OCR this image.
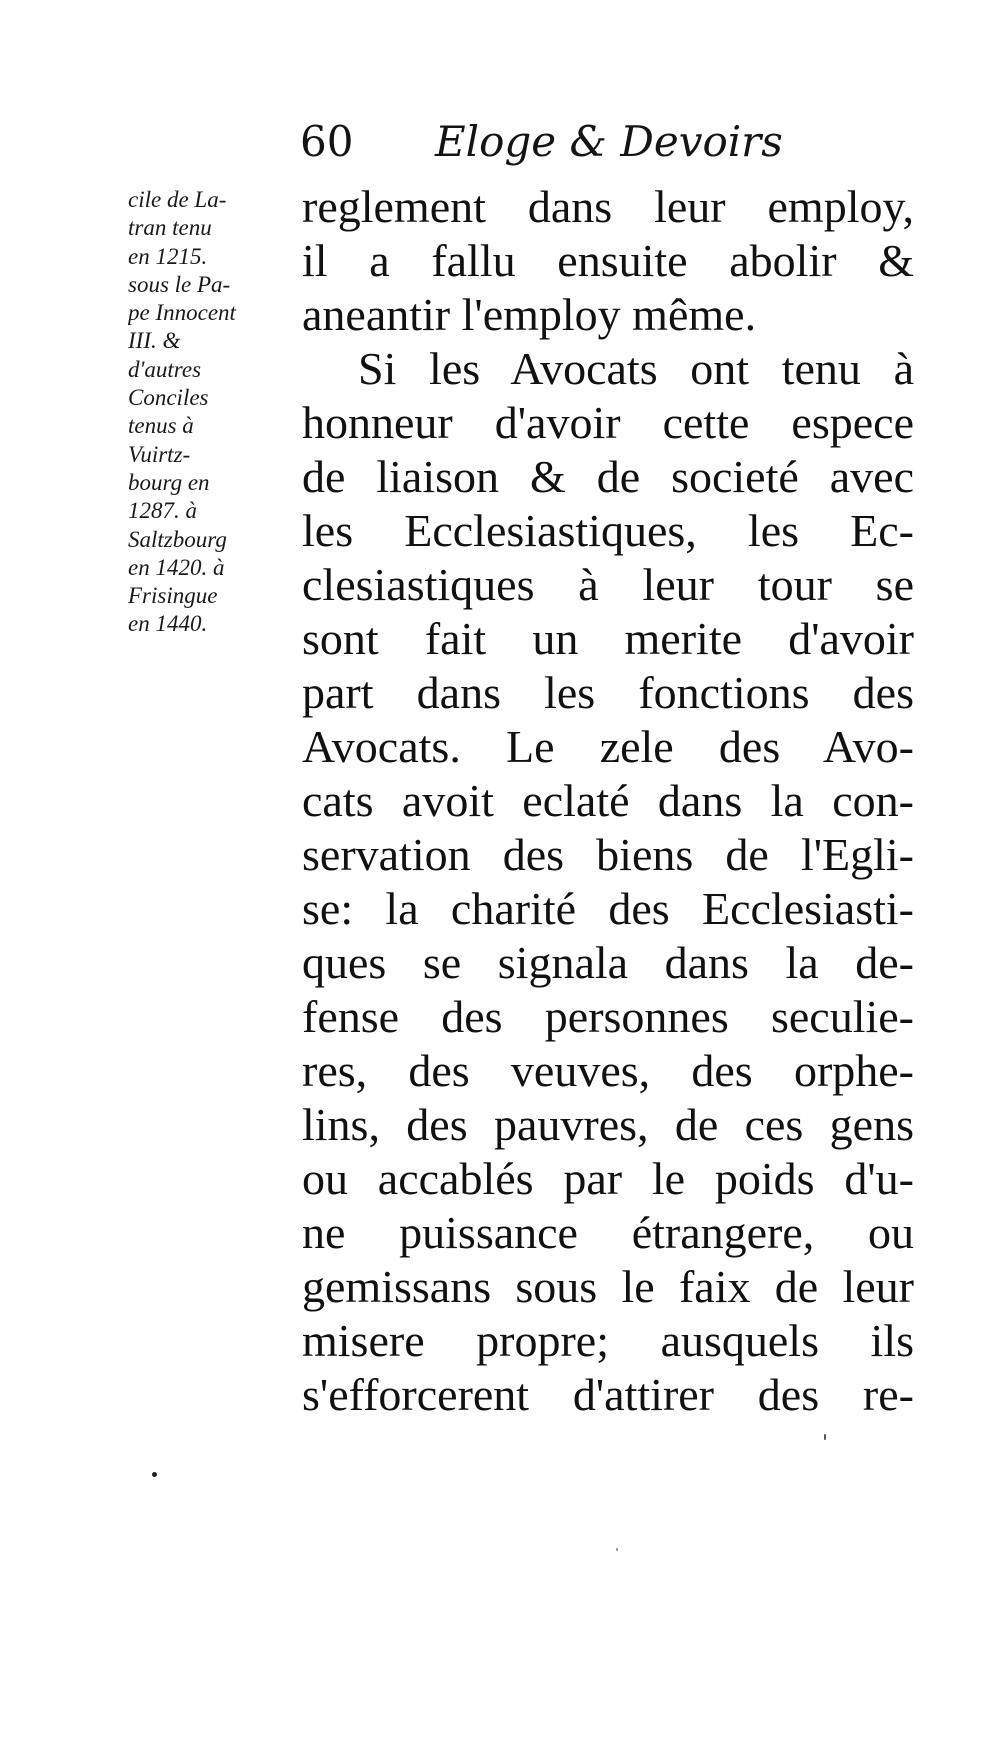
60 Eloge & Devoirs
cile de La-
tran tenu
en 1215.
sous le Pa-
pe Innocent
III. &
d'autres
Conciles
tenus à
Vuirtz-
bourg en
1287. à
Saltzbourg
en 1420. à
Frisingue
en 1440.
reglement dans leur employ,
il a fallu ensuite abolir &
aneantir l'employ même.
Si les Avocats ont tenu à
honneur d'avoir cette espece
de liaison & de societé avec
les Ecclesiastiques, les Ec-
clesiastiques à leur tour se
sont fait un merite d'avoir
part dans les fonctions des
Avocats. Le zele des Avo-
cats avoit eclaté dans la con-
servation des biens de l'Egli-
se: la charité des Ecclesiasti-
ques se signala dans la de-
fense des personnes seculie-
res, des veuves, des orphe-
lins, des pauvres, de ces gens
ou accablés par le poids d'u-
ne puissance étrangere, ou
gemissans sous le faix de leur
misere propre; ausquels ils
s'efforcerent d'attirer des re-
